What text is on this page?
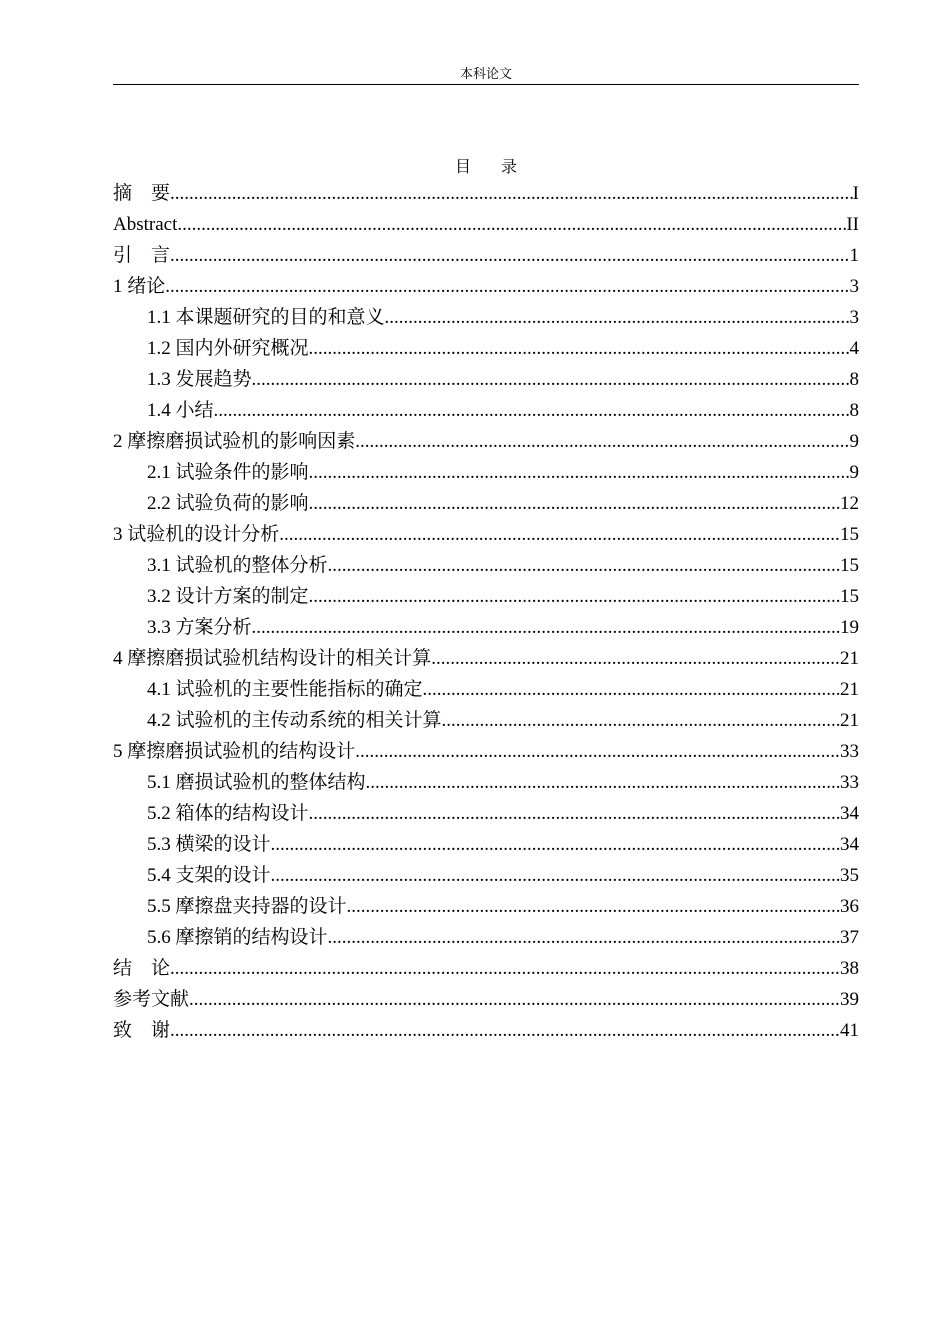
本科论文
目 录
摘　要 .....	I
Abstract .....	II
引　言 .....	1
1 绪论 .....	3
1.1 本课题研究的目的和意义 .....	3
1.2 国内外研究概况 .....	4
1.3 发展趋势 .....	8
1.4 小结 .....	8
2 摩擦磨损试验机的影响因素 .....	9
2.1 试验条件的影响 .....	9
2.2 试验负荷的影响 .....	12
3 试验机的设计分析 .....	15
3.1 试验机的整体分析 .....	15
3.2 设计方案的制定 .....	15
3.3 方案分析 .....	19
4 摩擦磨损试验机结构设计的相关计算 .....	21
4.1 试验机的主要性能指标的确定 .....	21
4.2 试验机的主传动系统的相关计算 .....	21
5 摩擦磨损试验机的结构设计 .....	33
5.1 磨损试验机的整体结构 .....	33
5.2 箱体的结构设计 .....	34
5.3 横梁的设计 .....	34
5.4 支架的设计 .....	35
5.5 摩擦盘夹持器的设计 .....	36
5.6 摩擦销的结构设计 .....	37
结　论 .....	38
参考文献 .....	39
致　谢 .....	41
